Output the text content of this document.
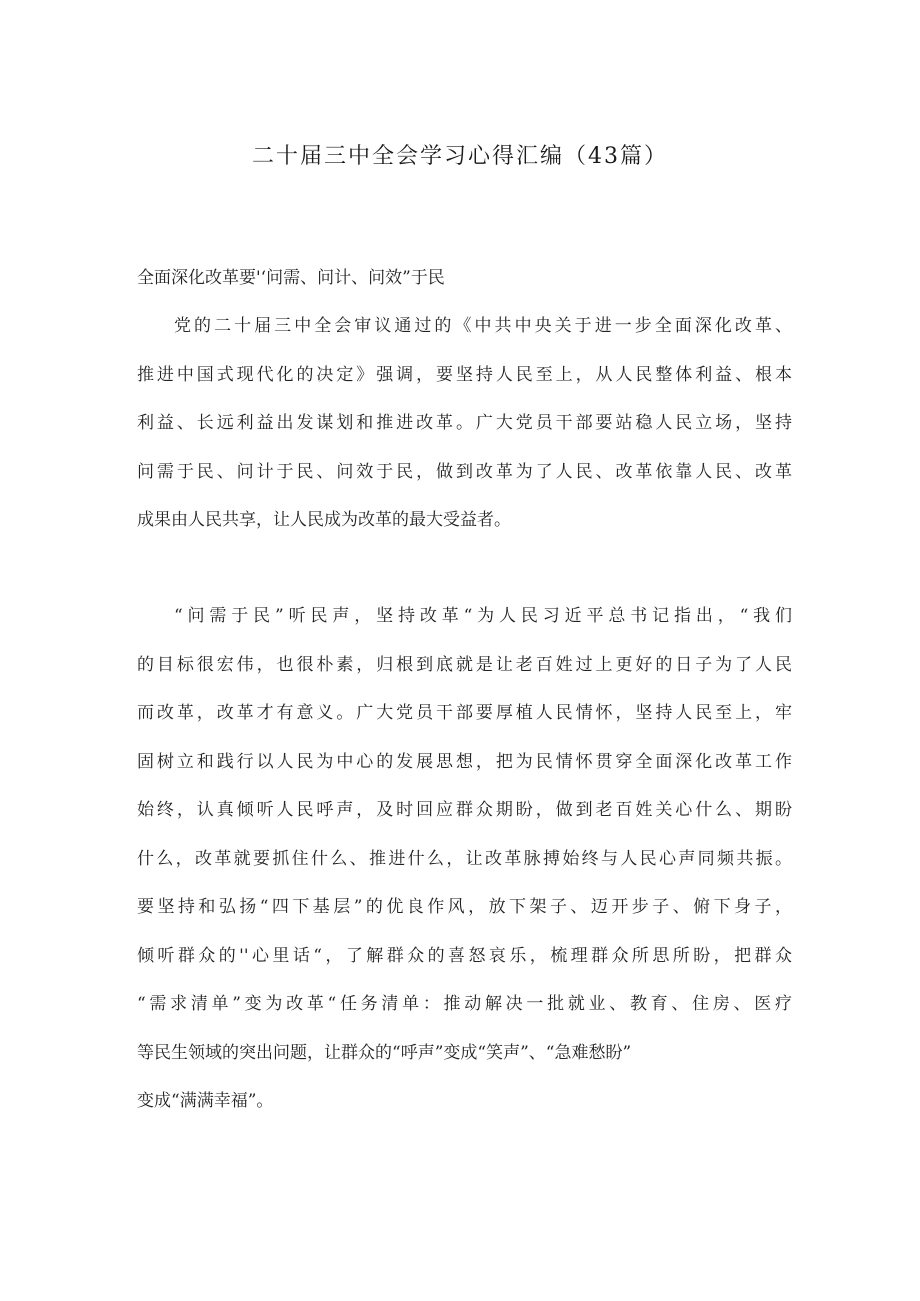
二十届三中全会学习心得汇编（43篇）
全面深化改革要'‘问需、问计、问效”于民
党的二十届三中全会审议通过的《中共中央关于进一步全面深化改革、
推进中国式现代化的决定》强调，要坚持人民至上，从人民整体利益、根本
利益、长远利益出发谋划和推进改革。广大党员干部要站稳人民立场，坚持
问需于民、问计于民、问效于民，做到改革为了人民、改革依靠人民、改革
成果由人民共享，让人民成为改革的最大受益者。
“问需于民”听民声，坚持改革“为人民习近平总书记指出，“我们
的目标很宏伟，也很朴素，归根到底就是让老百姓过上更好的日子为了人民
而改革，改革才有意义。广大党员干部要厚植人民情怀，坚持人民至上，牢
固树立和践行以人民为中心的发展思想，把为民情怀贯穿全面深化改革工作
始终，认真倾听人民呼声，及时回应群众期盼，做到老百姓关心什么、期盼
什么，改革就要抓住什么、推进什么，让改革脉搏始终与人民心声同频共振。
要坚持和弘扬“四下基层”的优良作风，放下架子、迈开步子、俯下身子，
倾听群众的''心里话“，了解群众的喜怒哀乐，梳理群众所思所盼，把群众
“需求清单”变为改革“任务清单：推动解决一批就业、教育、住房、医疗
等民生领域的突出问题，让群众的“呼声”变成“笑声”、“急难愁盼”
变成“满满幸福”。
